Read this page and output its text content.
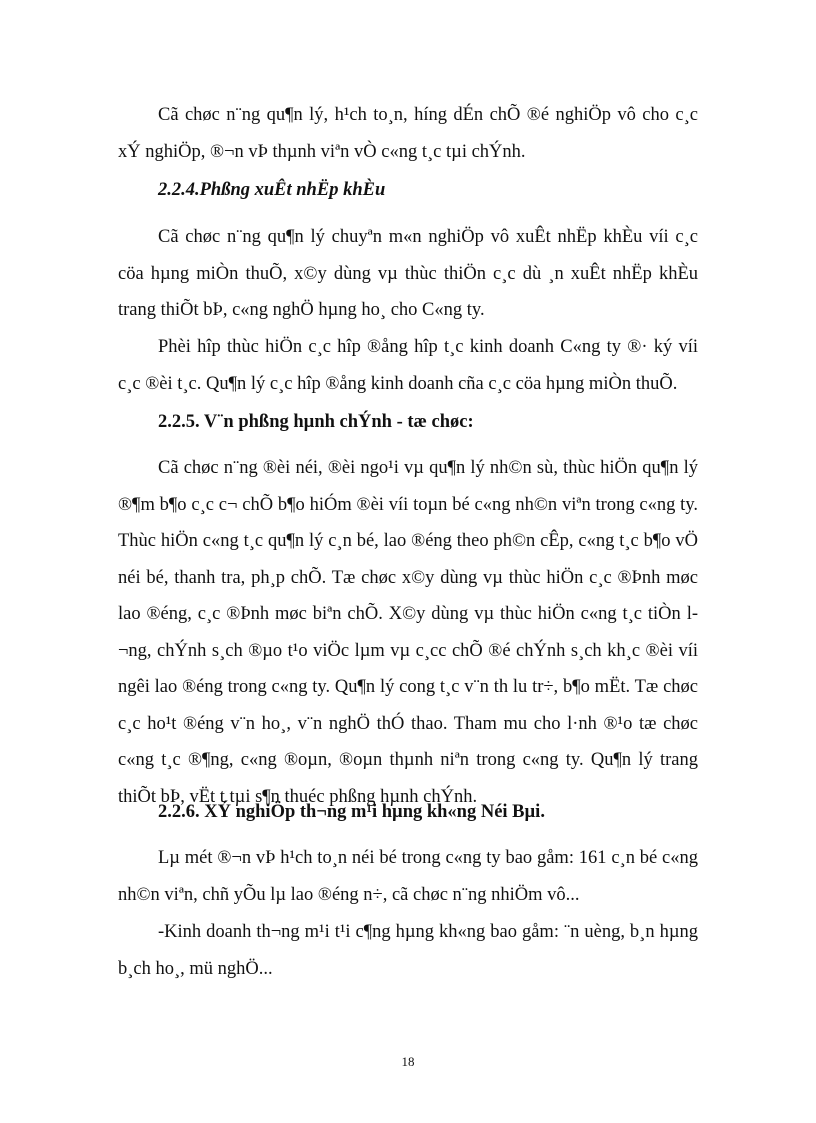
Cã chøc n¨ng qu¶n lý, h¹ch to¸n, híng dÉn chÕ ®é nghiÖp vô cho c¸c xÝ nghiÖp, ®¬n vÞ thµnh viªn vÒ c«ng t¸c tµi chÝnh.

2.2.4.Phßng xuÊt nhËp khÈu

Cã chøc n¨ng qu¶n lý chuyªn m«n nghiÖp vô xuÊt nhËp khÈu víi c¸c cöa hµng miÒn thuÕ, x©y dùng vµ thùc thiÖn c¸c dù ¸n xuÊt nhËp khÈu trang thiÕt bÞ, c«ng nghÖ hµng ho¸ cho C«ng ty.

Phèi hîp thùc hiÖn c¸c hîp ®ång hîp t¸c kinh doanh C«ng ty ®· ký víi c¸c ®èi t¸c. Qu¶n lý c¸c hîp ®ång kinh doanh cña c¸c cöa hµng miÒn thuÕ.

2.2.5. V¨n phßng hµnh chÝnh - tæ chøc:

Cã chøc n¨ng ®èi néi, ®èi ngo¹i vµ qu¶n lý nh©n sù, thùc hiÖn qu¶n lý ®¶m b¶o c¸c c¬ chÕ b¶o hiÓm ®èi víi toµn bé c«ng nh©n viªn trong c«ng ty. Thùc hiÖn c«ng t¸c qu¶n lý c¸n bé, lao ®éng theo ph©n cÊp, c«ng t¸c b¶o vÖ néi bé, thanh tra, ph¸p chÕ. Tæ chøc x©y dùng vµ thùc hiÖn c¸c ®Þnh møc lao ®éng, c¸c ®Þnh møc biªn chÕ. X©y dùng vµ thùc hiÖn c«ng t¸c tiÒn l¬ng, chÝnh s¸ch ®µo t¹o viÖc lµm vµ c¸cc chÕ ®é chÝnh s¸ch kh¸c ®èi víi ngêi lao ®éng trong c«ng ty. Qu¶n lý cong t¸c v¨n th lu tr÷, b¶o mËt. Tæ chøc c¸c ho¹t ®éng v¨n ho¸, v¨n nghÖ thÓ thao. Tham mu cho l·nh ®¹o tæ chøc c«ng t¸c ®¶ng, c«ng ®oµn, ®oµn thµnh niªn trong c«ng ty. Qu¶n lý trang thiÕt bÞ, vËt t tµi s¶n thuéc phßng hµnh chÝnh.

2.2.6. XÝ nghiÖp th¬ng m¹i hµng kh«ng Néi Bµi.

Lµ mét ®¬n vÞ h¹ch to¸n néi bé trong c«ng ty bao gåm: 161 c¸n bé c«ng nh©n viªn, chñ yÕu lµ lao ®éng n÷, cã chøc n¨ng nhiÖm vô...

-Kinh doanh th¬ng m¹i t¹i c¶ng hµng kh«ng bao gåm: ¨n uèng, b¸n hµng b¸ch ho¸, mü nghÖ...

18
